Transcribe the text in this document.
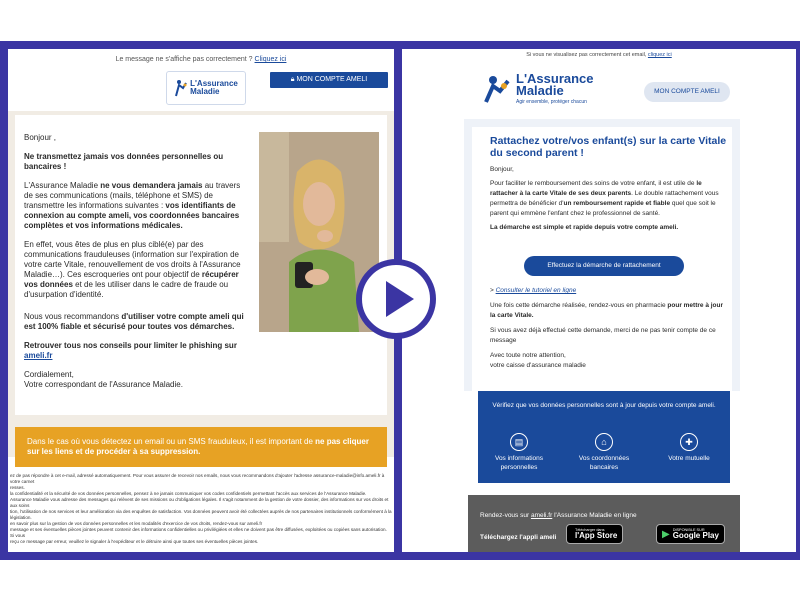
Le message ne s'affiche pas correctement ? Cliquez ici
L'Assurance
Maladie
🔒︎ MON COMPTE AMELI

Bonjour ,

Ne transmettez jamais vos données personnelles ou bancaires !

L'Assurance Maladie ne vous demandera jamais au travers de ses communications (mails, téléphone et SMS) de transmettre les informations suivantes : vos identifiants de connexion au compte ameli, vos coordonnées bancaires complètes et vos informations médicales.

En effet, vous êtes de plus en plus ciblé(e) par des communications frauduleuses (information sur l'expiration de votre carte Vitale, renouvellement de vos droits à l'Assurance Maladie…). Ces escroqueries ont pour objectif de récupérer vos données et de les utiliser dans le cadre de fraude ou d'usurpation d'identité.

Nous vous recommandons d'utiliser votre compte ameli qui est 100% fiable et sécurisé pour toutes vos démarches.

Retrouver tous nos conseils pour limiter le phishing sur ameli.fr

Cordialement,
Votre correspondant de l'Assurance Maladie.

Dans le cas où vous détectez un email ou un SMS frauduleux, il est important de ne pas cliquer sur les liens et de procéder à sa suppression.
ez de pas répondre à cet e-mail, adressé automatiquement. Pour vous assurer de recevoir nos emails, nous vous recommandons d'ajouter l'adresse assurance-maladie@info.ameli.fr à votre carnet
resses.
la confidentialité et la sécurité de vos données personnelles, pensez à ne jamais communiquer vos codes confidentiels permettant l'accès aux services de l'Assurance Maladie.
Assurance Maladie vous adresse des messages qui relèvent de ses missions ou d'obligations légales. Il s'agit notamment de la gestion de votre dossier, des informations sur vos droits et aux soins
tion, l'utilisation de nos services et leur amélioration via des enquêtes de satisfaction. Vos données peuvent avoir été collectées auprès de nos partenaires institutionnels conformément à la législation.
en savoir plus sur la gestion de vos données personnelles et les modalités d'exercice de vos droits, rendez-vous sur ameli.fr
message et ses éventuelles pièces jointes peuvent contenir des informations confidentielles ou privilégiées et elles ne doivent pas être diffusées, exploitées ou copiées sans autorisation. Si vous
reçu ce message par erreur, veuillez le signaler à l'expéditeur et le détruire ainsi que toutes ses éventuelles pièces jointes.
Si vous ne visualisez pas correctement cet email, cliquez ici
L'Assurance
Maladie
Agir ensemble, protéger chacun
MON COMPTE AMELI
Rattachez votre/vos enfant(s) sur la carte Vitale du second parent !

Bonjour,

Pour faciliter le remboursement des soins de votre enfant, il est utile de le rattacher à la carte Vitale de ses deux parents. Le double rattachement vous permettra de bénéficier d'un remboursement rapide et fiable quel que soit le parent qui emmène l'enfant chez le professionnel de santé.

La démarche est simple et rapide depuis votre compte ameli.

Effectuez la démarche de rattachement

> Consulter le tutoriel en ligne

Une fois cette démarche réalisée, rendez-vous en pharmacie pour mettre à jour la carte Vitale.

Si vous avez déjà effectué cette demande, merci de ne pas tenir compte de ce message

Avec toute notre attention,
votre caisse d'assurance maladie

Vérifiez que vos données personnelles sont à jour depuis votre compte ameli.
▤
Vos informations personnelles
⌂
Vos coordonnées bancaires
✚
Votre mutuelle
Rendez-vous sur ameli.fr l'Assurance Maladie en ligne
Téléchargez l'appli ameli
Télécharger dans
l'App Store	▶ DISPONIBLE SUR
Google Play
